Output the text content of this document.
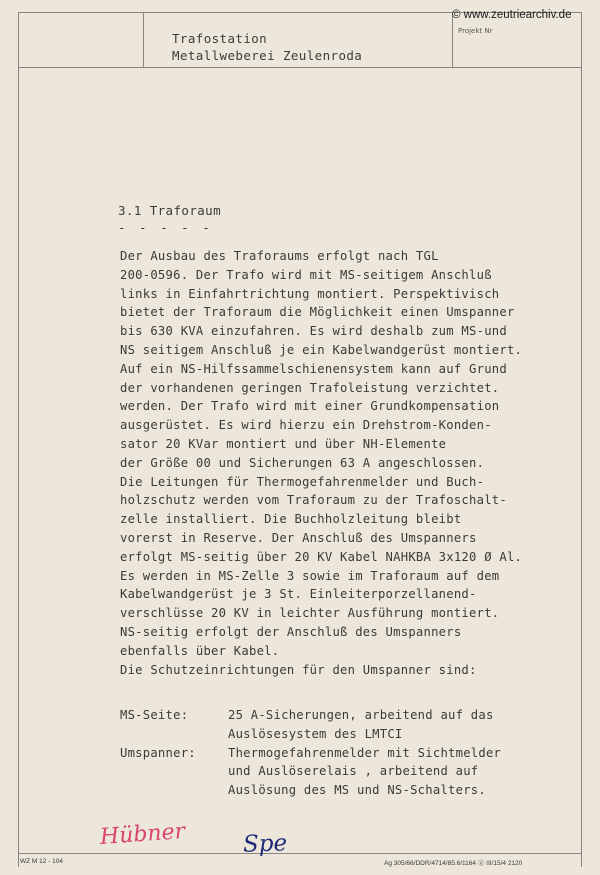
© www.zeutriearchiv.de
Trafostation
Metallweberei Zeulenroda
Projekt Nr
3.1 Traforaum
- - - - -
Der Ausbau des Traforaums erfolgt nach TGL
200-0596. Der Trafo wird mit MS-seitigem Anschluß
links in Einfahrtrichtung montiert. Perspektivisch
bietet der Traforaum die Möglichkeit einen Umspanner
bis 630 KVA einzufahren. Es wird deshalb zum MS-und
NS seitigem Anschluß je ein Kabelwandgerüst montiert.
Auf ein NS-Hilfssammelschienensystem kann auf Grund
der vorhandenen geringen Trafoleistung verzichtet.
werden. Der Trafo wird mit einer Grundkompensation
ausgerüstet. Es wird hierzu ein Drehstrom-Konden-
sator 20 KVar montiert und über NH-Elemente
der Größe 00 und Sicherungen 63 A angeschlossen.
Die Leitungen für Thermogefahrenmelder und Buch-
holzschutz werden vom Traforaum zu der Trafoschalt-
zelle installiert. Die Buchholzleitung bleibt
vorerst in Reserve. Der Anschluß des Umspanners
erfolgt MS-seitig über 20 KV Kabel NAHKBA 3x120 Ø Al.
Es werden in MS-Zelle 3 sowie im Traforaum auf dem
Kabelwandgerüst je 3 St. Einleiterporzellanend-
verschlüsse 20 KV in leichter Ausführung montiert.
NS-seitig erfolgt der Anschluß des Umspanners
ebenfalls über Kabel.
Die Schutzeinrichtungen für den Umspanner sind:
MS-Seite:	25 A-Sicherungen, arbeitend auf das
Auslösesystem des LMTCI
Umspanner:	Thermogefahrenmelder mit Sichtmelder
und Auslöserelais , arbeitend auf
Auslösung des MS und NS-Schalters.
Hübner Spe
WZ M 12 - 104	Ag 305/66/DDR/4714/85.6/1164 ⓖ III/15/4 2120
